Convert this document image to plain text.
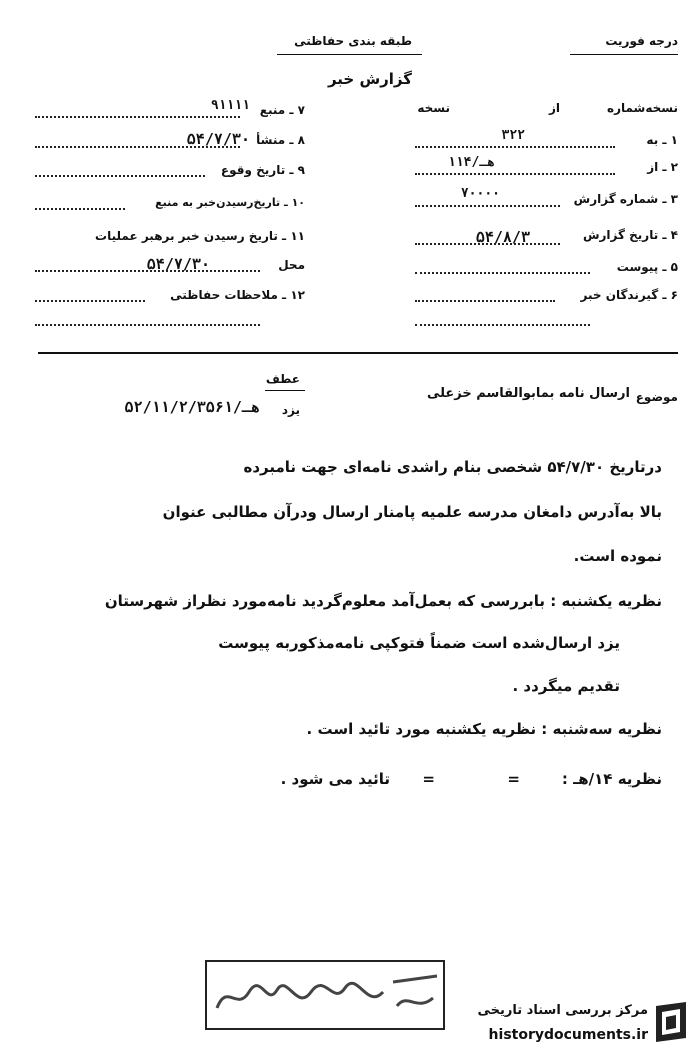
درجه فوریت
طبقه بندی حفاظتی
گزارش خبر
نسخه‌شماره
از
نسخه
۱ ـ به
۳۲۲
۲ ـ از
۱۱۴/هـ
۳ ـ شماره گزارش
۷۰۰۰۰
۴ ـ تاریخ گزارش
۵۴/۸/۳
۵ ـ پیوست
۶ ـ گیرندگان خبر
۷ ـ منبع
۹۱۱۱۱
۸ ـ منشأ
۵۴/۷/۳۰
۹ ـ تاریخ وقوع
۱۰ ـ تاریخ‌رسیدن‌خبر به منبع
۱۱ ـ تاریخ رسیدن خبر برهبر عملیات
محل
۵۴/۷/۳۰
۱۲ ـ ملاحظات حفاظتی
موضوع
ارسال نامه بمابوالقاسم خزعلی
عطف
یزد
۵۲/۱۱/۲/هـ/۳۵۶۱
درتاریخ ۵۴/۷/۳۰ شخصی بنام راشدی نامه‌ای جهت نامبرده
بالا به‌آدرس دامغان مدرسه علمیه پامنار ارسال ودرآن مطالبی عنوان
نموده است.
نظریه یکشنبه : بابررسی که بعمل‌آمد معلوم‌گردید نامه‌مورد نظراز شهرستان
یزد ارسال‌شده است ضمناً فتوکپی نامه‌مذکوربه پیوست
تقدیم میگردد .
نظریه سه‌شنبه : نظریه یکشنبه مورد تائید است .
نظریه ۱۴/هـ :
=
=
تائید می شود .
مرکز بررسی اسناد تاریخی
historydocuments.ir
